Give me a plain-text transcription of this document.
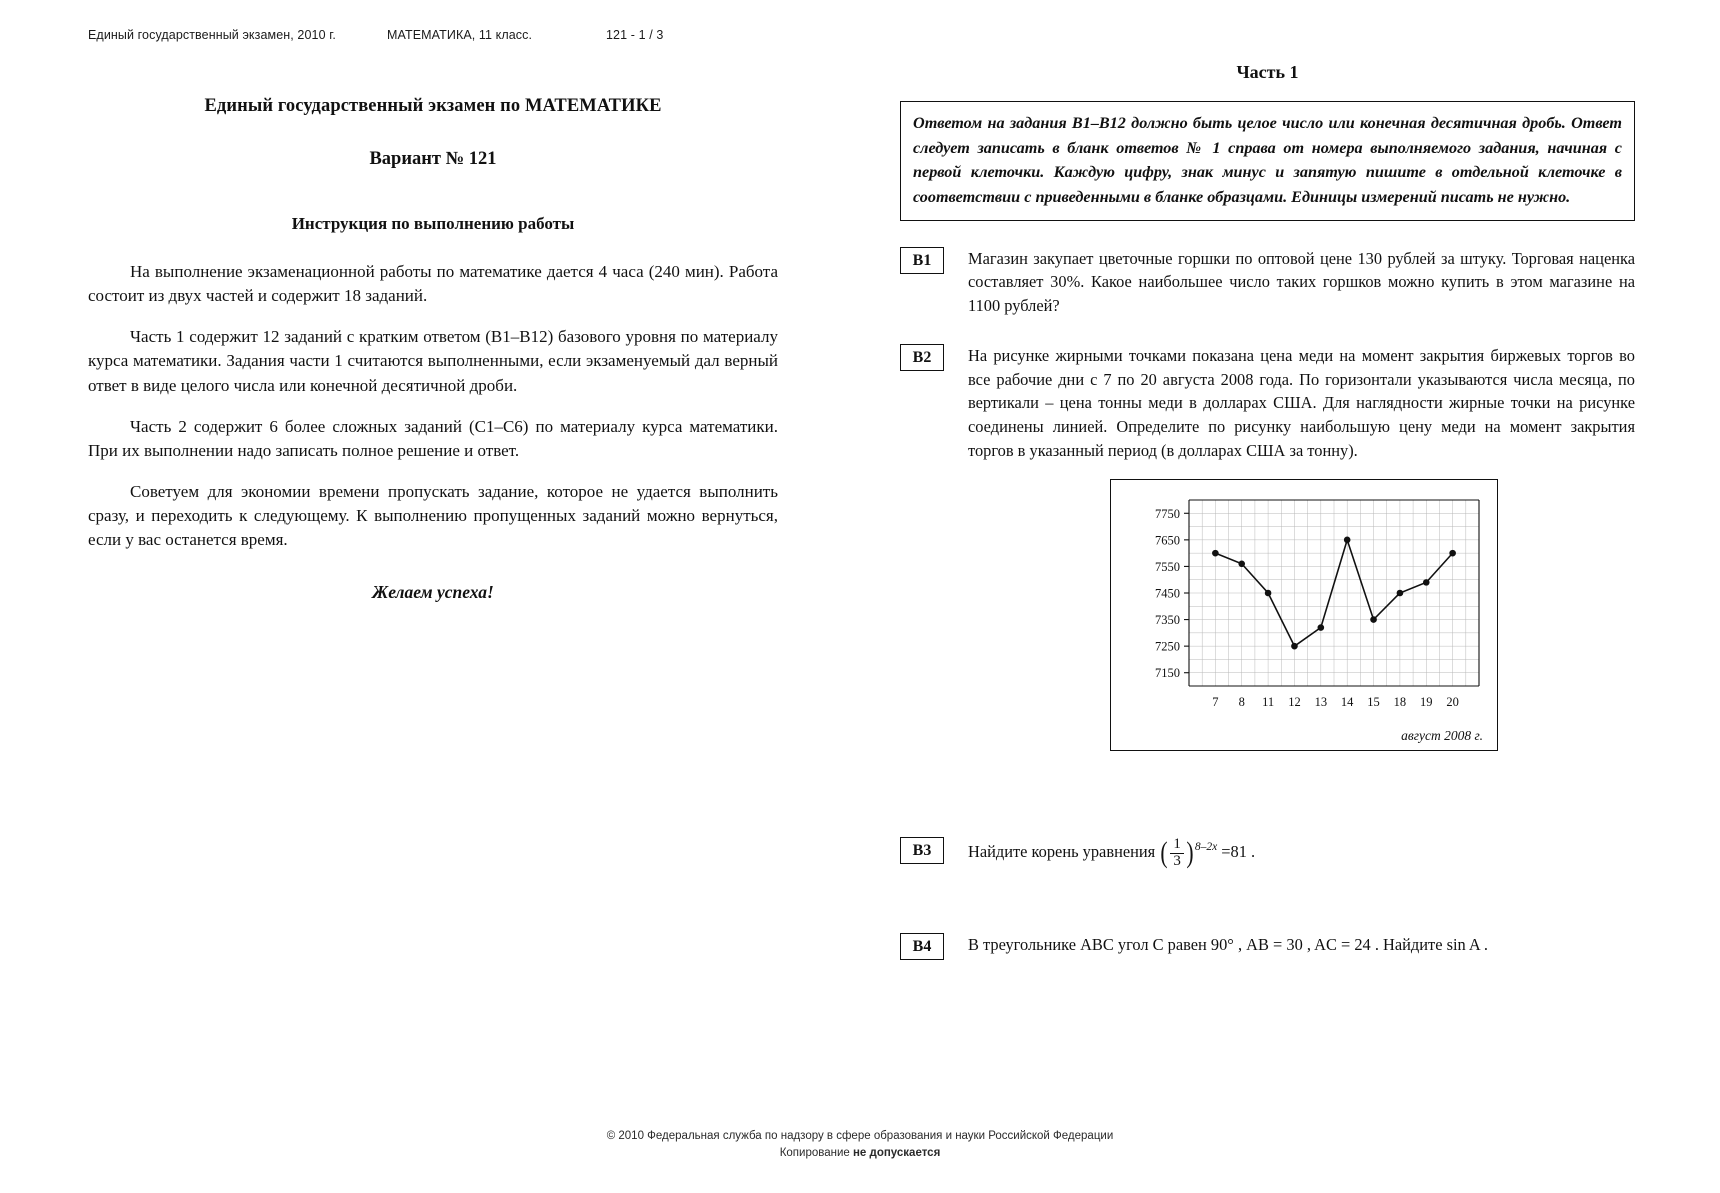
Единый государственный экзамен, 2010 г.	МАТЕМАТИКА, 11 класс.	121 - 1 / 3
Единый государственный экзамен по МАТЕМАТИКЕ
Вариант № 121
Инструкция по выполнению работы

На выполнение экзаменационной работы по математике дается 4 часа (240 мин). Работа состоит из двух частей и содержит 18 заданий.

Часть 1 содержит 12 заданий с кратким ответом (В1–В12) базового уровня по материалу курса математики. Задания части 1 считаются выполненными, если экзаменуемый дал верный ответ в виде целого числа или конечной десятичной дроби.

Часть 2 содержит 6 более сложных заданий (С1–С6) по материалу курса математики. При их выполнении надо записать полное решение и ответ.

Советуем для экономии времени пропускать задание, которое не удается выполнить сразу, и переходить к следующему. К выполнению пропущенных заданий можно вернуться, если у вас останется время.

Желаем успеха!
Часть 1
Ответом на задания В1–В12 должно быть целое число или конечная десятичная дробь. Ответ следует записать в бланк ответов № 1 справа от номера выполняемого задания, начиная с первой клеточки. Каждую цифру, знак минус и запятую пишите в отдельной клеточке в соответствии с приведенными в бланке образцами. Единицы измерений писать не нужно.
B1	Магазин закупает цветочные горшки по оптовой цене 130 рублей за штуку. Торговая наценка составляет 30%. Какое наибольшее число таких горшков можно купить в этом магазине на 1100 рублей?
B2	На рисунке жирными точками показана цена меди на момент закрытия биржевых торгов во все рабочие дни с 7 по 20 августа 2008 года. По горизонтали указываются числа месяца, по вертикали – цена тонны меди в долларах США. Для наглядности жирные точки на рисунке соединены линией. Определите по рисунку наибольшую цену меди на момент закрытия торгов в указанный период (в долларах США за тонну).
7150
7250
7350
7450
7550
7650
7750
7 8 11 12 13 14 15 18 19 20
август 2008 г.
B3	Найдите корень уравнения ( $\frac{1}{3} )8-2x =81$ .
B4	В треугольнике ABC угол C равен 90° , AB = 30 , AC = 24 . Найдите sin A .
© 2010 Федеральная служба по надзору в сфере образования и науки Российской Федерации
Копирование не допускается
